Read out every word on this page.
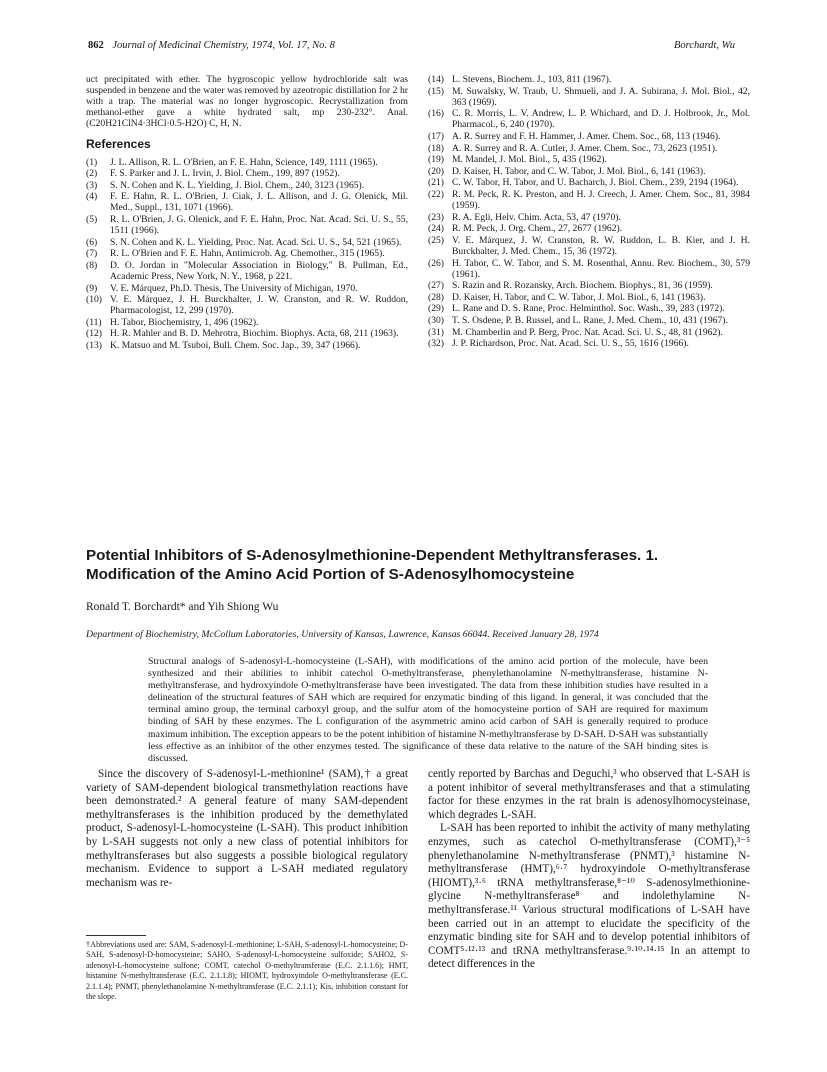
862 Journal of Medicinal Chemistry, 1974, Vol. 17, No. 8	Borchardt, Wu
uct precipitated with ether. The hygroscopic yellow hydrochloride salt was suspended in benzene and the water was removed by azeotropic distillation for 2 hr with a trap. The material was no longer hygroscopic. Recrystallization from methanol-ether gave a white hydrated salt, mp 230-232°. Anal. (C20H21ClN4·3HCl·0.5-H2O) C, H, N.
References
(1)	J. L. Allison, R. L. O'Brien, an F. E. Hahn, Science, 149, 1111 (1965).
(2)	F. S. Parker and J. L. Irvin, J. Biol. Chem., 199, 897 (1952).
(3)	S. N. Cohen and K. L. Yielding, J. Biol. Chem., 240, 3123 (1965).
(4)	F. E. Hahn, R. L. O'Brien, J. Ciak, J. L. Allison, and J. G. Olenick, Mil. Med., Suppl., 131, 1071 (1966).
(5)	R. L. O'Brien, J. G. Olenick, and F. E. Hahn, Proc. Nat. Acad. Sci. U. S., 55, 1511 (1966).
(6)	S. N. Cohen and K. L. Yielding, Proc. Nat. Acad. Sci. U. S., 54, 521 (1965).
(7)	R. L. O'Brien and F. E. Hahn, Antimicrob. Ag. Chemother., 315 (1965).
(8)	D. O. Jordan in "Molecular Association in Biology," B. Pullman, Ed., Academic Press, New York, N. Y., 1968, p 221.
(9)	V. E. Márquez, Ph.D. Thesis, The University of Michigan, 1970.
(10) V. E. Márquez, J. H. Burckhalter, J. W. Cranston, and R. W. Ruddon, Pharmacologist, 12, 299 (1970).
(11) H. Tabor, Biochemistry, 1, 496 (1962).
(12) H. R. Mahler and B. D. Mehrotra, Biochim. Biophys. Acta, 68, 211 (1963).
(13) K. Matsuo and M. Tsuboi, Bull. Chem. Soc. Jap., 39, 347 (1966).
(14) L. Stevens, Biochem. J., 103, 811 (1967).
(15) M. Suwalsky, W. Traub, U. Shmueli, and J. A. Subirana, J. Mol. Biol., 42, 363 (1969).
(16) C. R. Morris, L. V. Andrew, L. P. Whichard, and D. J. Holbrook, Jr., Mol. Pharmacol., 6, 240 (1970).
(17) A. R. Surrey and F. H. Hammer, J. Amer. Chem. Soc., 68, 113 (1946).
(18) A. R. Surrey and R. A. Cutler, J. Amer. Chem. Soc., 73, 2623 (1951).
(19) M. Mandel, J. Mol. Biol., 5, 435 (1962).
(20) D. Kaiser, H. Tabor, and C. W. Tabor, J. Mol. Biol., 6, 141 (1963).
(21) C. W. Tabor, H. Tabor, and U. Bacharch, J. Biol. Chem., 239, 2194 (1964).
(22) R. M. Peck, R. K. Preston, and H. J. Creech, J. Amer. Chem. Soc., 81, 3984 (1959).
(23) R. A. Egli, Helv. Chim. Acta, 53, 47 (1970).
(24) R. M. Peck, J. Org. Chem., 27, 2677 (1962).
(25) V. E. Márquez, J. W. Cranston, R. W. Ruddon, L. B. Kier, and J. H. Burckhalter, J. Med. Chem., 15, 36 (1972).
(26) H. Tabor, C. W. Tabor, and S. M. Rosenthal, Annu. Rev. Biochem., 30, 579 (1961).
(27) S. Razin and R. Rozansky, Arch. Biochem. Biophys., 81, 36 (1959).
(28) D. Kaiser, H. Tabor, and C. W. Tabor, J. Mol. Biol., 6, 141 (1963).
(29) L. Rane and D. S. Rane, Proc. Helminthol. Soc. Wash., 39, 283 (1972).
(30) T. S. Osdene, P. B. Russel, and L. Rane, J. Med. Chem., 10, 431 (1967).
(31) M. Chamberlin and P. Berg, Proc. Nat. Acad. Sci. U. S., 48, 81 (1962).
(32) J. P. Richardson, Proc. Nat. Acad. Sci. U. S., 55, 1616 (1966).
Potential Inhibitors of S-Adenosylmethionine-Dependent Methyltransferases. 1. Modification of the Amino Acid Portion of S-Adenosylhomocysteine
Ronald T. Borchardt* and Yih Shiong Wu
Department of Biochemistry, McCollum Laboratories, University of Kansas, Lawrence, Kansas 66044. Received January 28, 1974
Structural analogs of S-adenosyl-L-homocysteine (L-SAH), with modifications of the amino acid portion of the molecule, have been synthesized and their abilities to inhibit catechol O-methyltransferase, phenylethanolamine N-methyltransferase, histamine N-methyltransferase, and hydroxyindole O-methyltransferase have been investigated. The data from these inhibition studies have resulted in a delineation of the structural features of SAH which are required for enzymatic binding of this ligand. In general, it was concluded that the terminal amino group, the terminal carboxyl group, and the sulfur atom of the homocysteine portion of SAH are required for maximum binding of SAH by these enzymes. The L configuration of the asymmetric amino acid carbon of SAH is generally required to produce maximum inhibition. The exception appears to be the potent inhibition of histamine N-methyltransferase by D-SAH. D-SAH was substantially less effective as an inhibitor of the other enzymes tested. The significance of these data relative to the nature of the SAH binding sites is discussed.

Since the discovery of S-adenosyl-L-methionine¹ (SAM),† a great variety of SAM-dependent biological transmethylation reactions have been demonstrated.² A general feature of many SAM-dependent methyltransferases is the inhibition produced by the demethylated product, S-adenosyl-L-homocysteine (L-SAH). This product inhibition by L-SAH suggests not only a new class of potential inhibitors for methyltransferases but also suggests a possible biological regulatory mechanism. Evidence to support a L-SAH mediated regulatory mechanism was re-

†Abbreviations used are: SAM, S-adenosyl-L-methionine; L-SAH, S-adenosyl-L-homocysteine; D-SAH, S-adenosyl-D-homocysteine; SAHO, S-adenosyl-L-homocysteine sulfoxide; SAHO2, S-adenosyl-L-homocysteine sulfone; COMT, catechol O-methyltransferase (E.C. 2.1.1.6); HMT, histamine N-methyltransferase (E.C. 2.1.1.8); HIOMT, hydroxyindole O-methyltransferase (E.C. 2.1.1.4); PNMT, phenylethanolamine N-methyltransferase (E.C. 2.1.1); Kis, inhibition constant for the slope.

cently reported by Barchas and Deguchi,³ who observed that L-SAH is a potent inhibitor of several methyltransferases and that a stimulating factor for these enzymes in the rat brain is adenosylhomocysteinase, which degrades L-SAH.

L-SAH has been reported to inhibit the activity of many methylating enzymes, such as catechol O-methyltransferase (COMT),³⁻⁵ phenylethanolamine N-methyltransferase (PNMT),³ histamine N-methyltransferase (HMT),⁶·⁷ hydroxyindole O-methyltransferase (HIOMT),³·⁶ tRNA methyltransferase,⁸⁻¹⁰ S-adenosylmethionine-glycine N-methyltransferase⁸ and indolethylamine N-methyltransferase.¹¹ Various structural modifications of L-SAH have been carried out in an attempt to elucidate the specificity of the enzymatic binding site for SAH and to develop potential inhibitors of COMT⁵·¹²·¹³ and tRNA methyltransferase.⁹·¹⁰·¹⁴·¹⁵ In an attempt to detect differences in the
